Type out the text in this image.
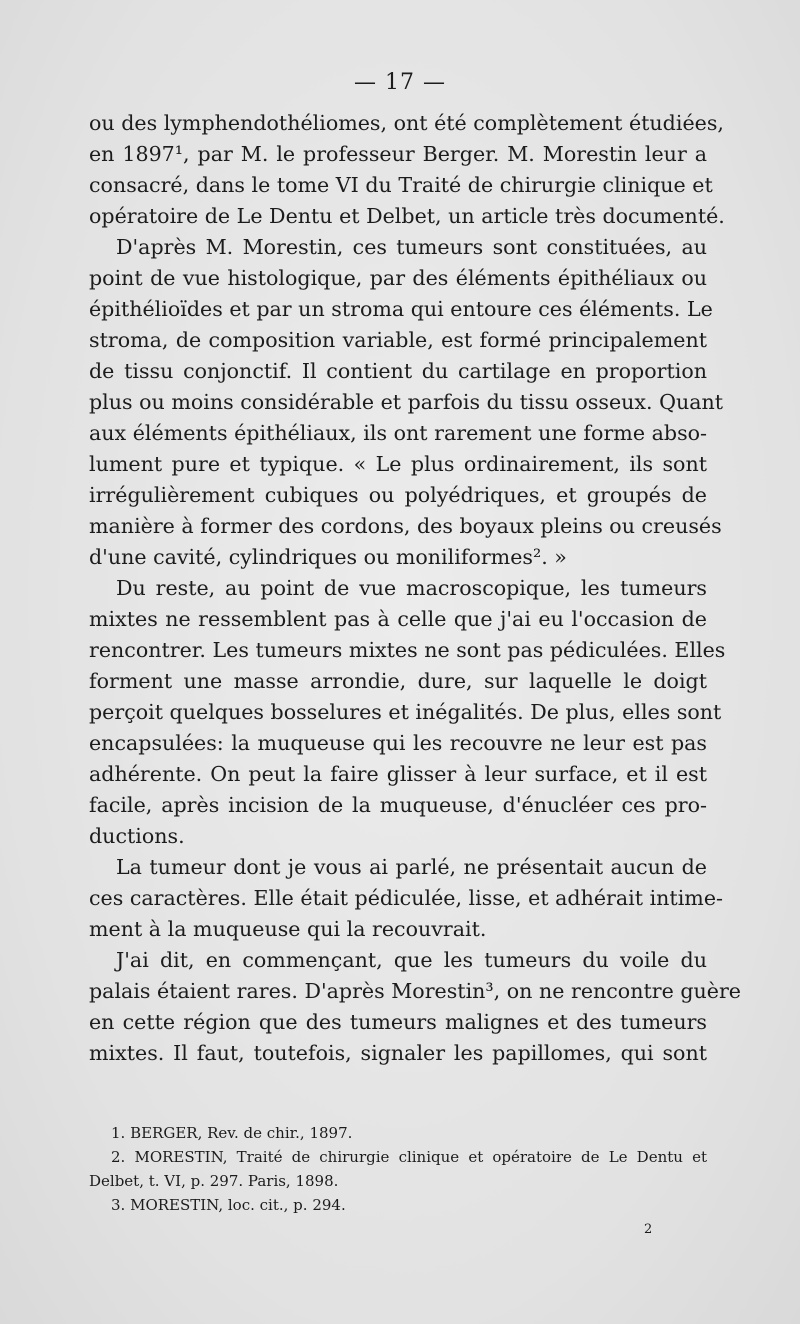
— 17 —
ou des lymphendothéliomes, ont été complètement étudiées,
en 1897¹, par M. le professeur Berger. M. Morestin leur a
consacré, dans le tome VI du Traité de chirurgie clinique et
opératoire de Le Dentu et Delbet, un article très documenté.
D'après M. Morestin, ces tumeurs sont constituées, au
point de vue histologique, par des éléments épithéliaux ou
épithélioïdes et par un stroma qui entoure ces éléments. Le
stroma, de composition variable, est formé principalement
de tissu conjonctif. Il contient du cartilage en proportion
plus ou moins considérable et parfois du tissu osseux. Quant
aux éléments épithéliaux, ils ont rarement une forme abso-
lument pure et typique. « Le plus ordinairement, ils sont
irrégulièrement cubiques ou polyédriques, et groupés de
manière à former des cordons, des boyaux pleins ou creusés
d'une cavité, cylindriques ou moniliformes². »
Du reste, au point de vue macroscopique, les tumeurs
mixtes ne ressemblent pas à celle que j'ai eu l'occasion de
rencontrer. Les tumeurs mixtes ne sont pas pédiculées. Elles
forment une masse arrondie, dure, sur laquelle le doigt
perçoit quelques bosselures et inégalités. De plus, elles sont
encapsulées: la muqueuse qui les recouvre ne leur est pas
adhérente. On peut la faire glisser à leur surface, et il est
facile, après incision de la muqueuse, d'énucléer ces pro-
ductions.
La tumeur dont je vous ai parlé, ne présentait aucun de
ces caractères. Elle était pédiculée, lisse, et adhérait intime-
ment à la muqueuse qui la recouvrait.
J'ai dit, en commençant, que les tumeurs du voile du
palais étaient rares. D'après Morestin³, on ne rencontre guère
en cette région que des tumeurs malignes et des tumeurs
mixtes. Il faut, toutefois, signaler les papillomes, qui sont
1. BERGER, Rev. de chir., 1897.
2. MORESTIN, Traité de chirurgie clinique et opératoire de Le Dentu et
Delbet, t. VI, p. 297. Paris, 1898.
3. MORESTIN, loc. cit., p. 294.
2
